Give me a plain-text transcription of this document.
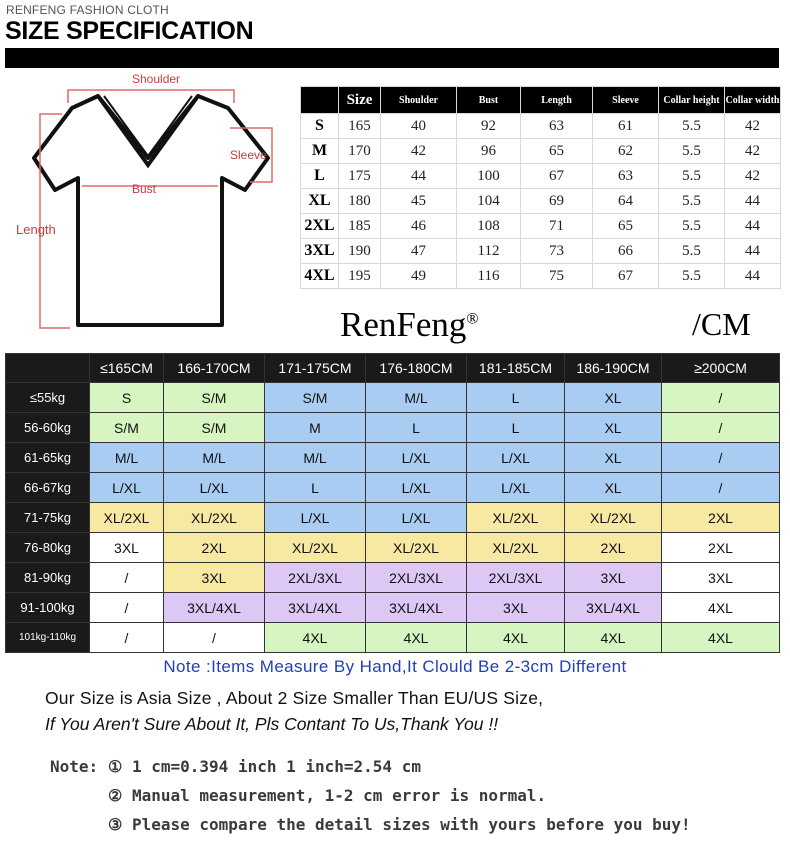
RENFENG FASHION CLOTH
SIZE SPECIFICATION
Shoulder
Sleeve
Bust
Length
	Size	Shoulder	Bust	Length	Sleeve	Collar height	Collar width
S	165	40	92	63	61	5.5	42
M	170	42	96	65	62	5.5	42
L	175	44	100	67	63	5.5	42
XL	180	45	104	69	64	5.5	44
2XL	185	46	108	71	65	5.5	44
3XL	190	47	112	73	66	5.5	44
4XL	195	49	116	75	67	5.5	44
RenFeng®	/CM
	≤165CM	166-170CM	171-175CM	176-180CM	181-185CM	186-190CM	≥200CM
≤55kg	S	S/M	S/M	M/L	L	XL	/
56-60kg	S/M	S/M	M	L	L	XL	/
61-65kg	M/L	M/L	M/L	L/XL	L/XL	XL	/
66-67kg	L/XL	L/XL	L	L/XL	L/XL	XL	/
71-75kg	XL/2XL	XL/2XL	L/XL	L/XL	XL/2XL	XL/2XL	2XL
76-80kg	3XL	2XL	XL/2XL	XL/2XL	XL/2XL	2XL	2XL
81-90kg	/	3XL	2XL/3XL	2XL/3XL	2XL/3XL	3XL	3XL
91-100kg	/	3XL/4XL	3XL/4XL	3XL/4XL	3XL	3XL/4XL	4XL
101kg-110kg	/	/	4XL	4XL	4XL	4XL	4XL
Note :Items Measure By Hand,It Clould Be 2-3cm Different
Our Size is Asia Size , About 2 Size Smaller Than EU/US Size,
If You Aren't Sure About It, Pls Contant To Us,Thank You !!
Note: ① 1 cm=0.394 inch 1 inch=2.54 cm
② Manual measurement, 1-2 cm error is normal.
③ Please compare the detail sizes with yours before you buy!
